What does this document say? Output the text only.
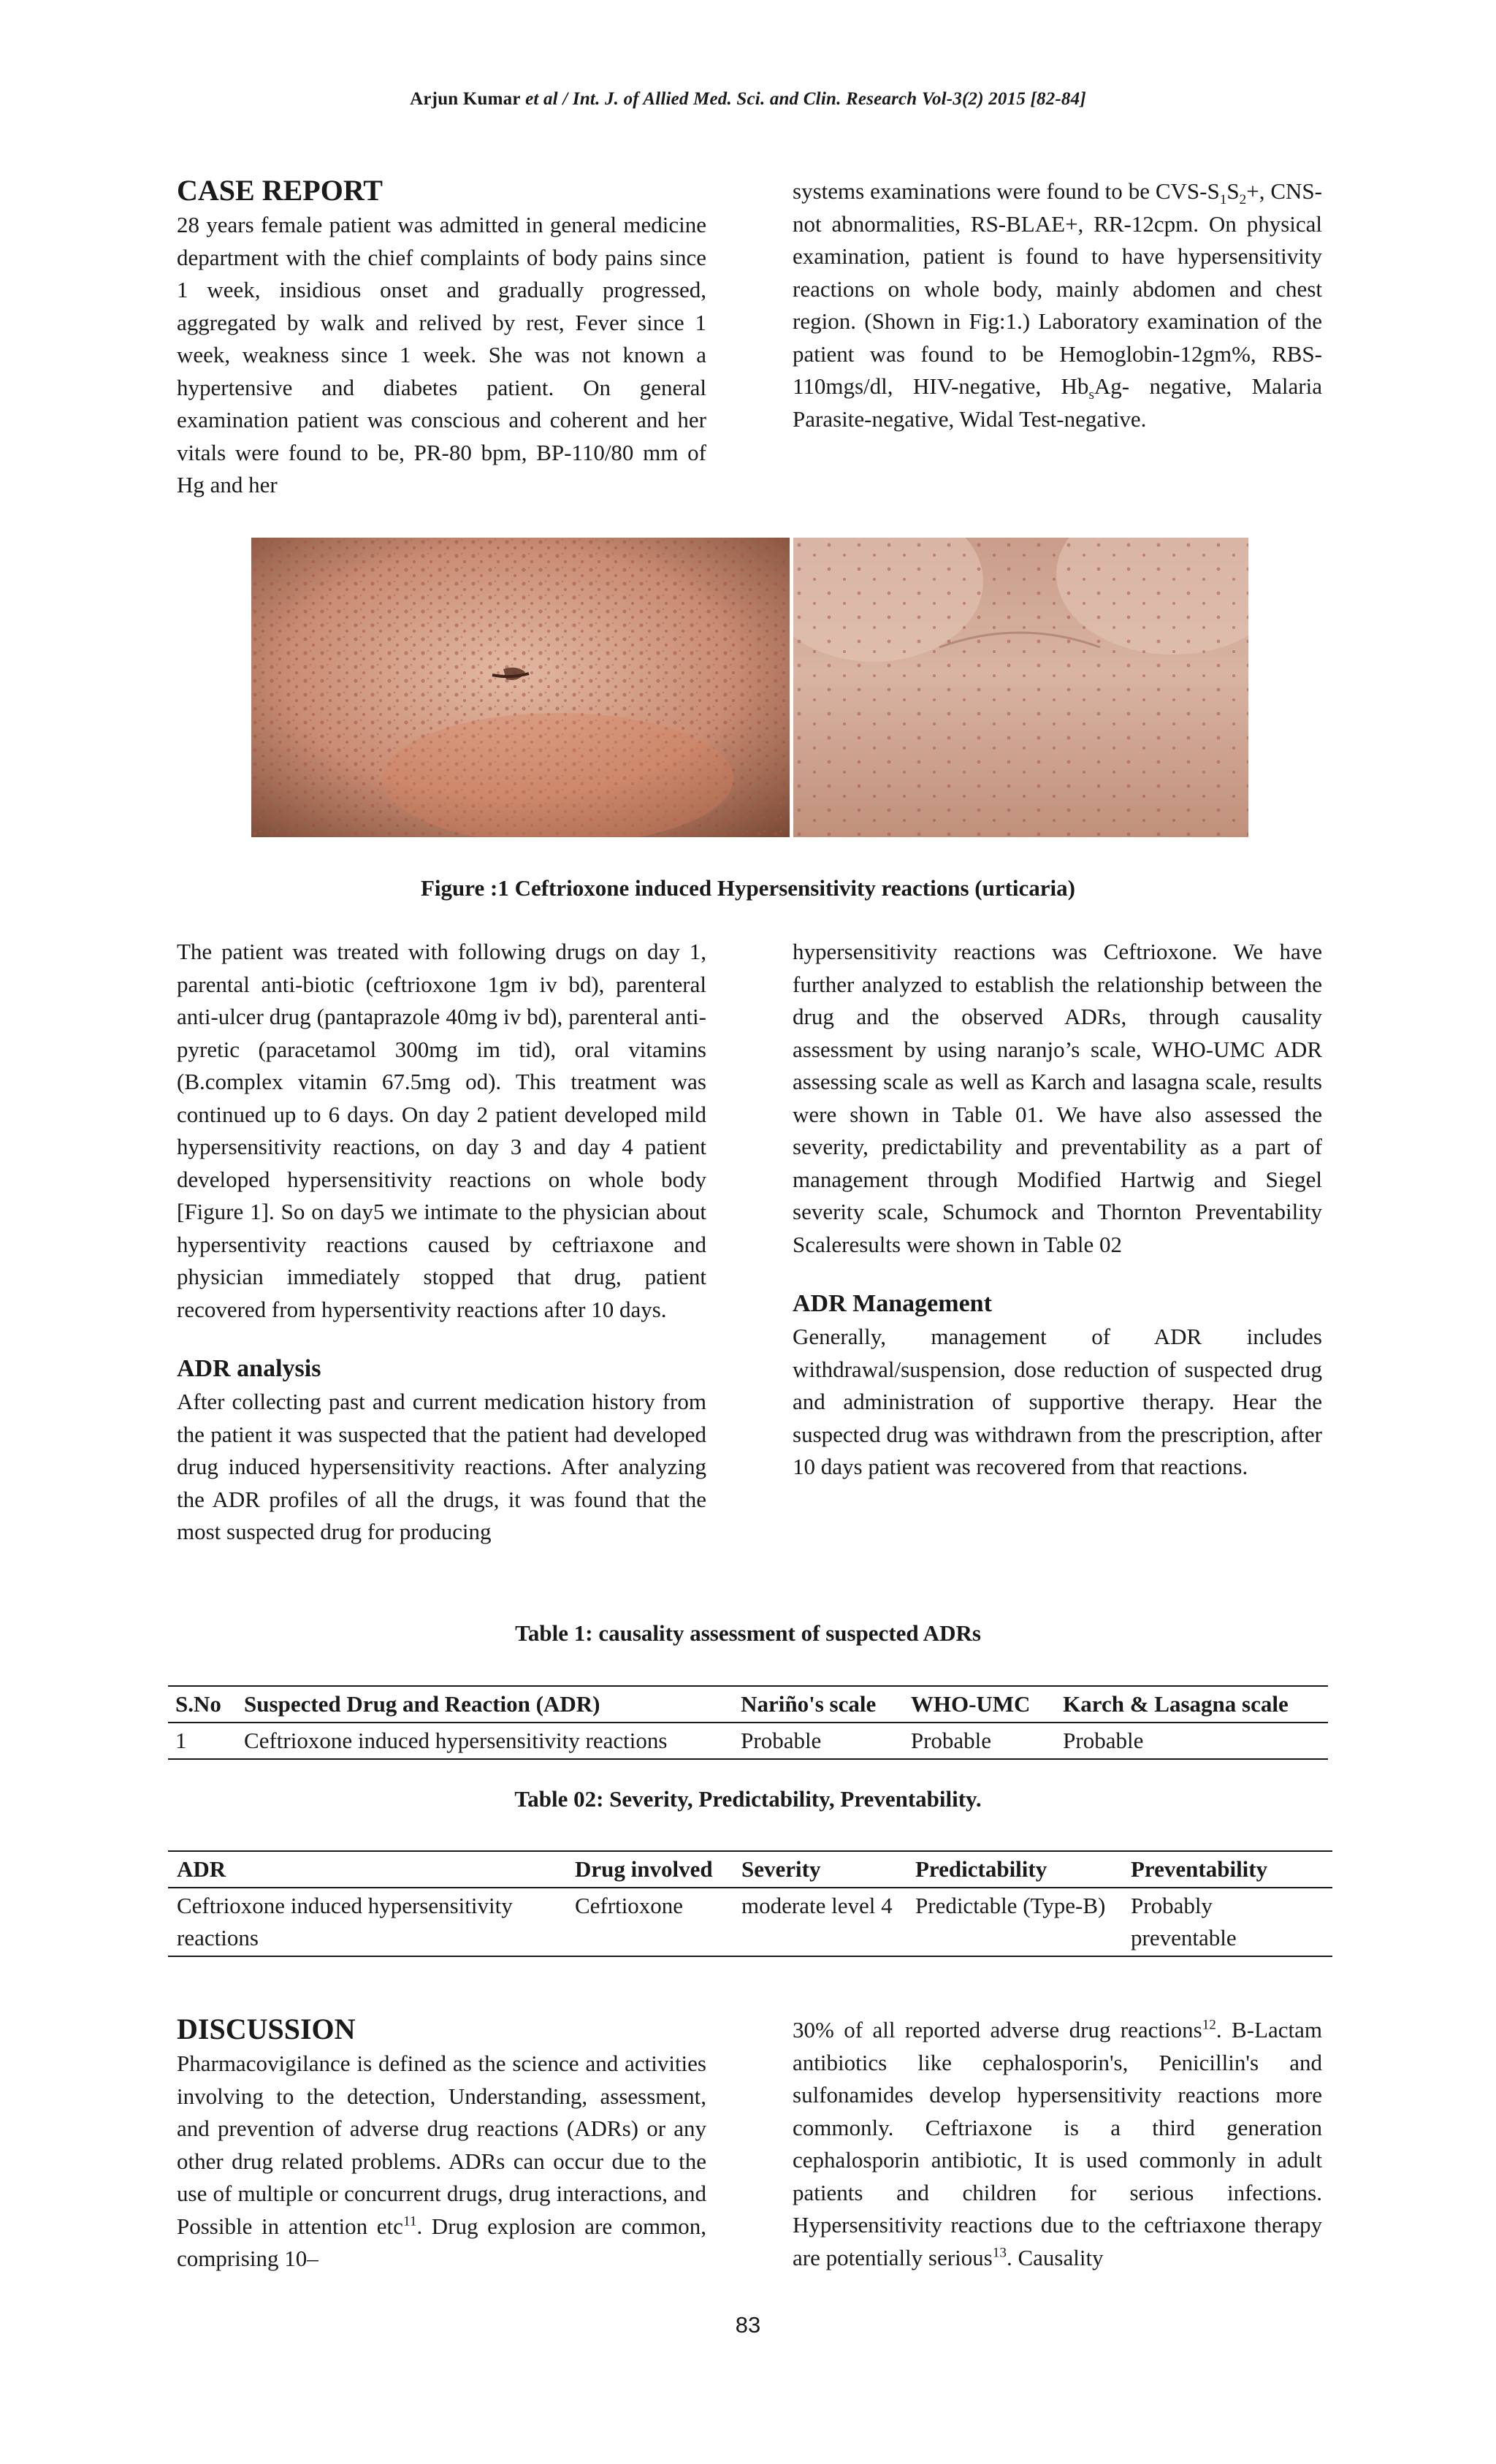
Arjun Kumar et al / Int. J. of Allied Med. Sci. and Clin. Research Vol-3(2) 2015 [82-84]
CASE REPORT

28 years female patient was admitted in general medicine department with the chief complaints of body pains since 1 week, insidious onset and gradually progressed, aggregated by walk and relived by rest, Fever since 1 week, weakness since 1 week. She was not known a hypertensive and diabetes patient. On general examination patient was conscious and coherent and her vitals were found to be, PR-80 bpm, BP-110/80 mm of Hg and her

systems examinations were found to be CVS-$S_1S_2+$, CNS-not abnormalities, RS-BLAE+, RR-12cpm. On physical examination, patient is found to have hypersensitivity reactions on whole body, mainly abdomen and chest region. (Shown in Fig:1.) Laboratory examination of the patient was found to be Hemoglobin-12gm%, RBS-110mgs/dl, HIV-negative, $Hb_sAg-$ negative, Malaria Parasite-negative, Widal Test-negative.

Figure :1 Ceftrioxone induced Hypersensitivity reactions (urticaria)

The patient was treated with following drugs on day 1, parental anti-biotic (ceftrioxone 1gm iv bd), parenteral anti-ulcer drug (pantaprazole 40mg iv bd), parenteral anti-pyretic (paracetamol 300mg im tid), oral vitamins (B.complex vitamin 67.5mg od). This treatment was continued up to 6 days. On day 2 patient developed mild hypersensitivity reactions, on day 3 and day 4 patient developed hypersensitivity reactions on whole body [Figure 1]. So on day5 we intimate to the physician about hypersentivity reactions caused by ceftriaxone and physician immediately stopped that drug, patient recovered from hypersentivity reactions after 10 days.

ADR analysis

After collecting past and current medication history from the patient it was suspected that the patient had developed drug induced hypersensitivity reactions. After analyzing the ADR profiles of all the drugs, it was found that the most suspected drug for producing

hypersensitivity reactions was Ceftrioxone. We have further analyzed to establish the relationship between the drug and the observed ADRs, through causality assessment by using naranjo’s scale, WHO-UMC ADR assessing scale as well as Karch and lasagna scale, results were shown in Table 01. We have also assessed the severity, predictability and preventability as a part of management through Modified Hartwig and Siegel severity scale, Schumock and Thornton Preventability Scaleresults were shown in Table 02

ADR Management

Generally, management of ADR includes withdrawal/suspension, dose reduction of suspected drug and administration of supportive therapy. Hear the suspected drug was withdrawn from the prescription, after 10 days patient was recovered from that reactions.

Table 1: causality assessment of suspected ADRs
S.No	Suspected Drug and Reaction (ADR)	Nariño's scale	WHO-UMC	Karch & Lasagna scale
1	Ceftrioxone induced hypersensitivity reactions	Probable	Probable	Probable
Table 02: Severity, Predictability, Preventability.
ADR	Drug involved	Severity	Predictability	Preventability
Ceftrioxone induced hypersensitivity reactions	Cefrtioxone	moderate level 4	Predictable (Type-B)	Probably preventable
DISCUSSION

Pharmacovigilance is defined as the science and activities involving to the detection, Understanding, assessment, and prevention of adverse drug reactions (ADRs) or any other drug related problems. ADRs can occur due to the use of multiple or concurrent drugs, drug interactions, and Possible in attention etc$^{11}$. Drug explosion are common, comprising 10–

30% of all reported adverse drug reactions$^{12}$. B-Lactam antibiotics like cephalosporin's, Penicillin's and sulfonamides develop hypersensitivity reactions more commonly. Ceftriaxone is a third generation cephalosporin antibiotic, It is used commonly in adult patients and children for serious infections. Hypersensitivity reactions due to the ceftriaxone therapy are potentially serious$^{13}$. Causality

83
